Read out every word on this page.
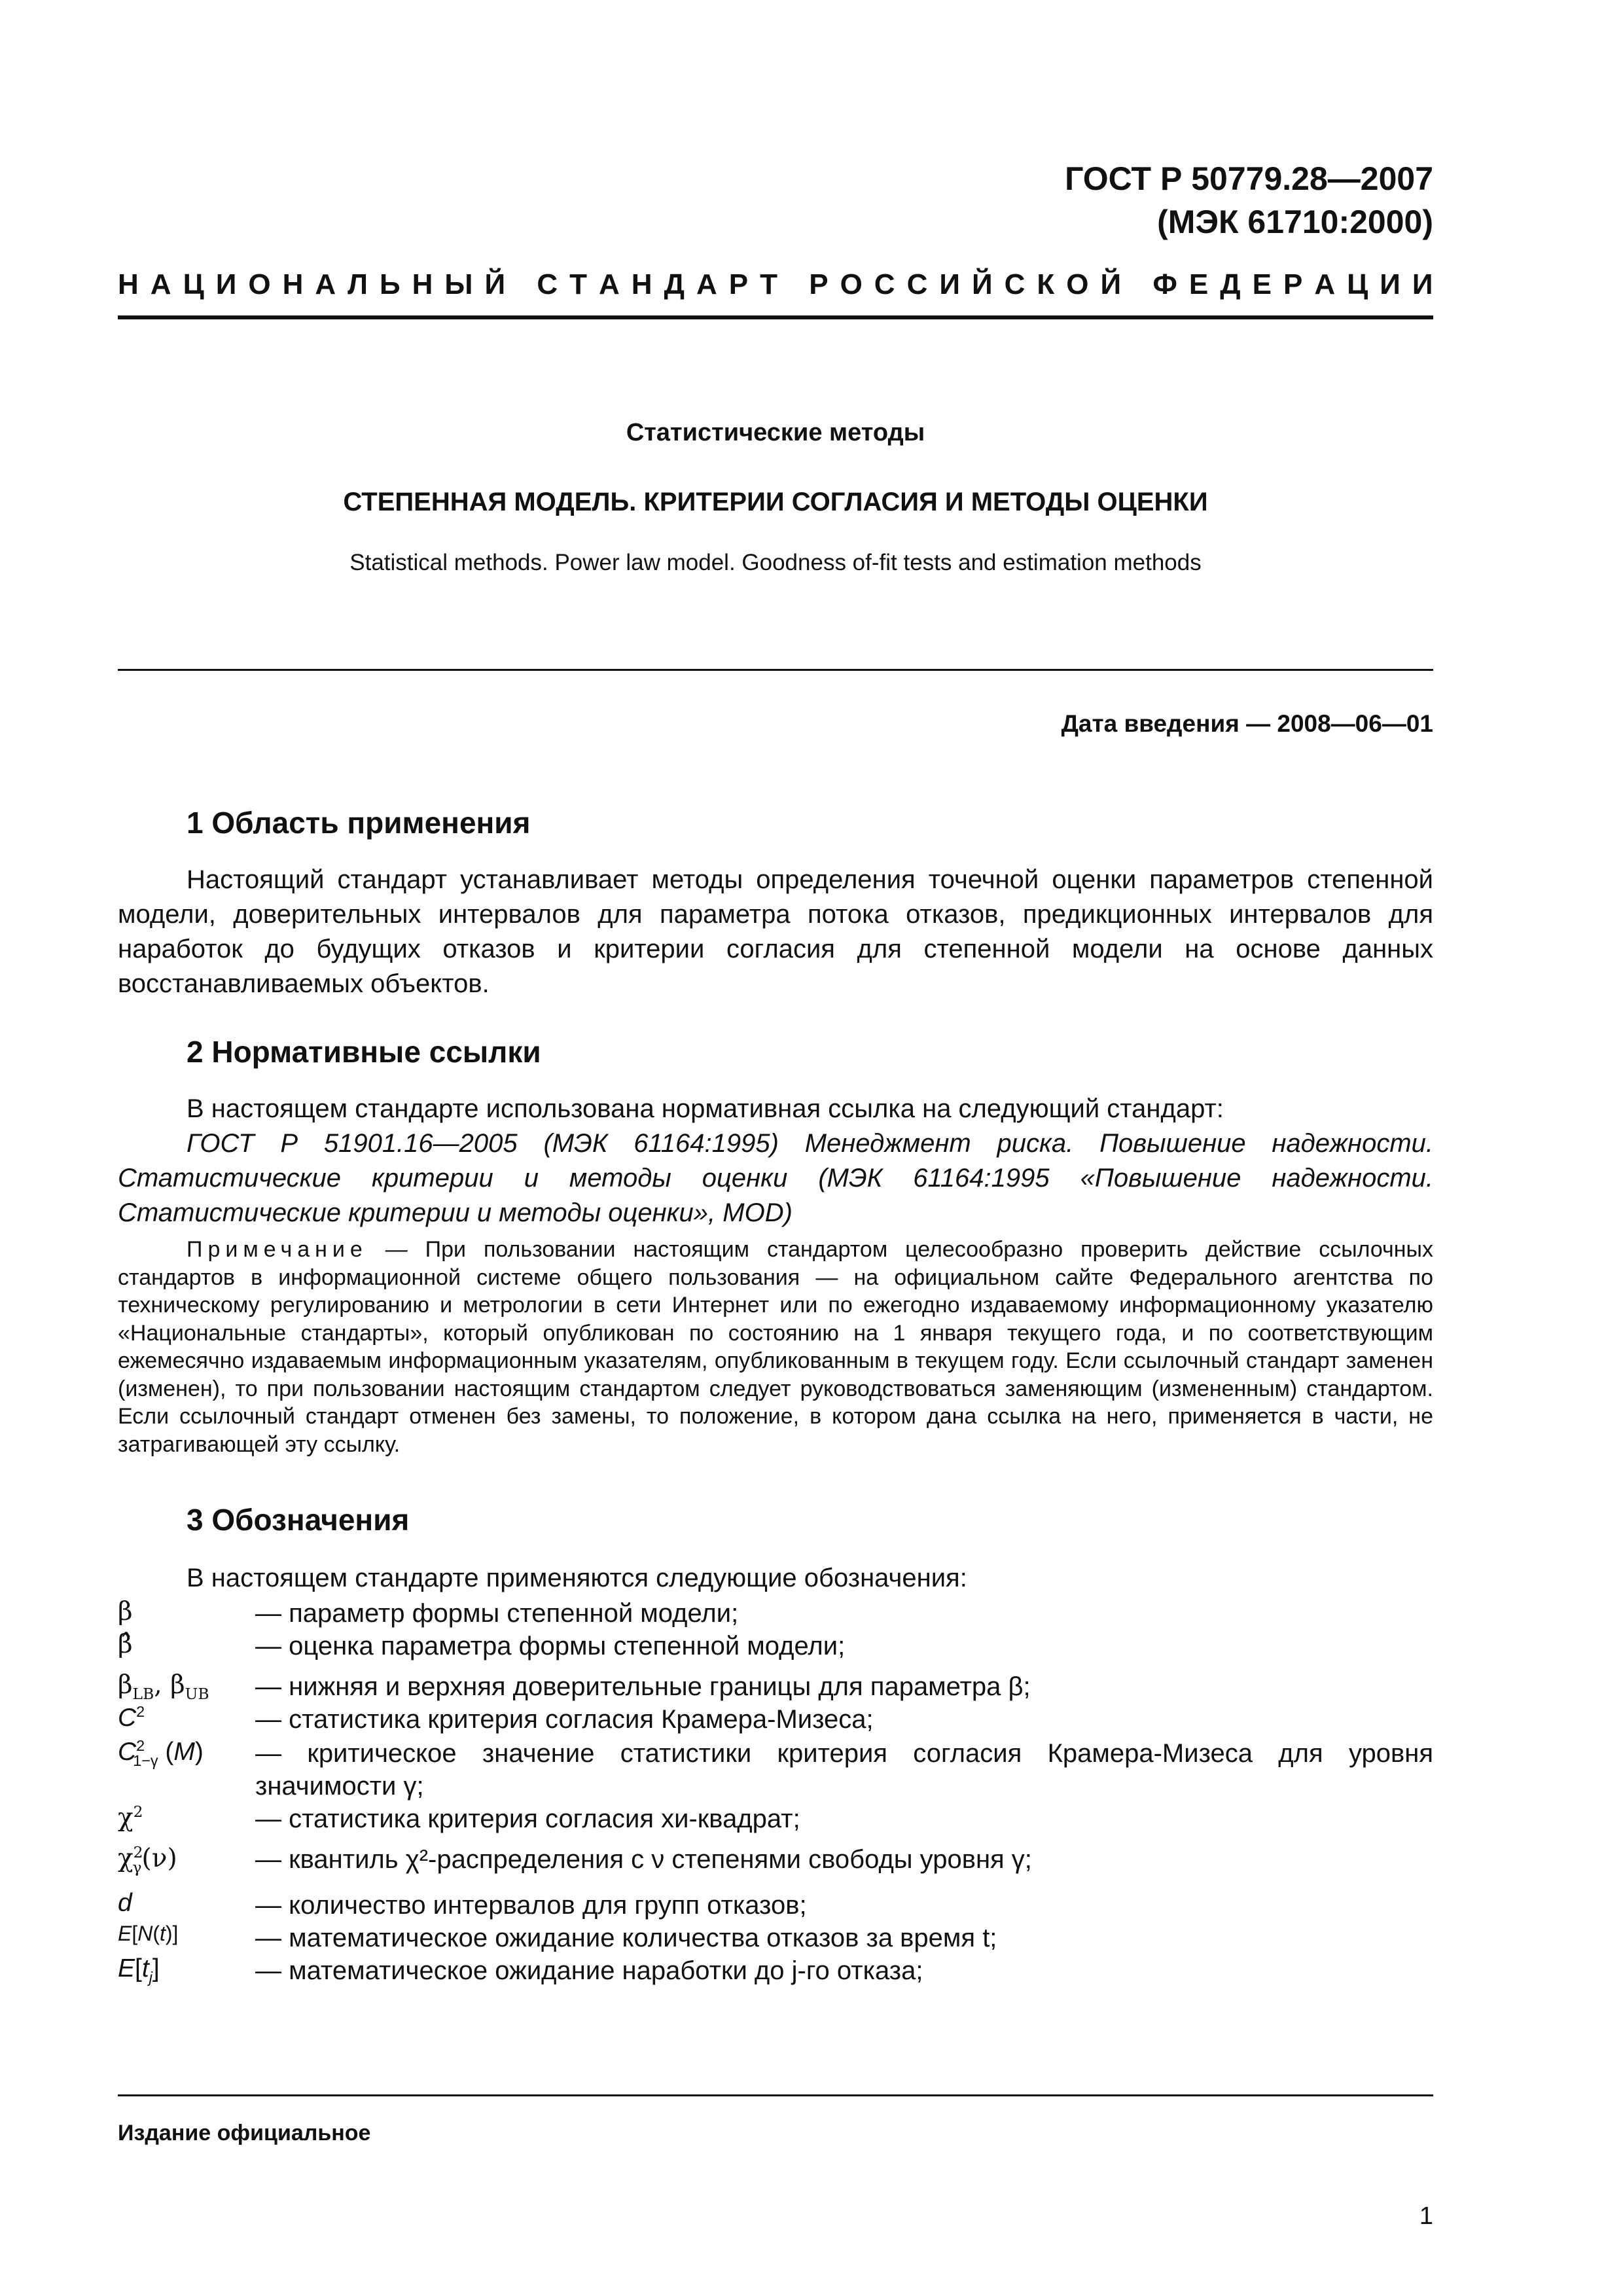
ГОСТ Р 50779.28—2007
(МЭК 61710:2000)
Н А Ц И О Н А Л Ь Н Ы Й
С Т А Н Д А Р Т
Р О С С И Й С К О Й
Ф Е Д Е Р А Ц И И
Статистические методы
СТЕПЕННАЯ МОДЕЛЬ. КРИТЕРИИ СОГЛАСИЯ И МЕТОДЫ ОЦЕНКИ
Statistical methods. Power law model. Goodness of-fit tests and estimation methods
Дата введения — 2008—06—01
1 Область применения

Настоящий стандарт устанавливает методы определения точечной оценки параметров степенной модели, доверительных интервалов для параметра потока отказов, предикционных интервалов для наработок до будущих отказов и критерии согласия для степенной модели на основе данных восстанавливаемых объектов.

2 Нормативные ссылки

В настоящем стандарте использована нормативная ссылка на следующий стандарт:

ГОСТ Р 51901.16—2005 (МЭК 61164:1995) Менеджмент риска. Повышение надежности. Статистические критерии и методы оценки (МЭК 61164:1995 «Повышение надежности. Статистические критерии и методы оценки», MOD)

Примечание — При пользовании настоящим стандартом целесообразно проверить действие ссылочных стандартов в информационной системе общего пользования — на официальном сайте Федерального агентства по техническому регулированию и метрологии в сети Интернет или по ежегодно издаваемому информационному указателю «Национальные стандарты», который опубликован по состоянию на 1 января текущего года, и по соответствующим ежемесячно издаваемым информационным указателям, опубликованным в текущем году. Если ссылочный стандарт заменен (изменен), то при пользовании настоящим стандартом следует руководствоваться заменяющим (измененным) стандартом. Если ссылочный стандарт отменен без замены, то положение, в котором дана ссылка на него, применяется в части, не затрагивающей эту ссылку.

3 Обозначения

В настоящем стандарте применяются следующие обозначения:

β	— параметр формы степенной модели;
β̂	— оценка параметра формы степенной модели;
$\beta_{LB}$, $\beta_{UB}$	— нижняя и верхняя доверительные границы для параметра β;
$C^2$	— статистика критерия согласия Крамера-Мизеса;
$C^2_{1-\gamma}$ (M)	— критическое значение статистики критерия согласия Крамера-Мизеса для уровня значимости γ;
$\chi^2$	— статистика критерия согласия хи-квадрат;
$\chi^2_\gamma(\nu)$	— квантиль χ²-распределения с ν степенями свободы уровня γ;
d	— количество интервалов для групп отказов;
E[N(t)]	— математическое ожидание количества отказов за время t;
$E[t_j]$	— математическое ожидание наработки до j-го отказа;
Издание официальное
1
